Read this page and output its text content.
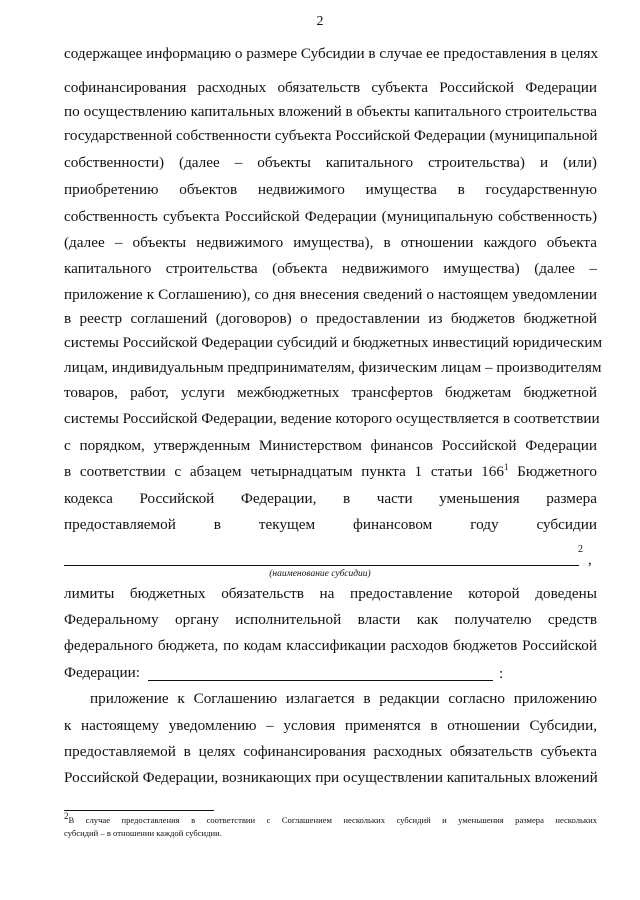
2
содержащее информацию о размере Субсидии в случае ее предоставления в целях
софинансирования расходных обязательств субъекта Российской Федерации
по осуществлению капитальных вложений в объекты капитального строительства
государственной собственности субъекта Российской Федерации (муниципальной
собственности) (далее – объекты капитального строительства) и (или)
приобретению объектов недвижимого имущества в государственную
собственность субъекта Российской Федерации (муниципальную собственность)
(далее – объекты недвижимого имущества), в отношении каждого объекта
капитального строительства (объекта недвижимого имущества) (далее –
приложение к Соглашению), со дня внесения сведений о настоящем уведомлении
в реестр соглашений (договоров) о предоставлении из бюджетов бюджетной
системы Российской Федерации субсидий и бюджетных инвестиций юридическим
лицам, индивидуальным предпринимателям, физическим лицам – производителям
товаров, работ, услуги межбюджетных трансфертов бюджетам бюджетной
системы Российской Федерации, ведение которого осуществляется в соответствии
с порядком, утвержденным Министерством финансов Российской Федерации
в соответствии с абзацем четырнадцатым пункта 1 статьи $166^1$ Бюджетного
кодекса Российской Федерации, в части уменьшения размера
предоставляемой в текущем финансовом году субсидии
2
,
(наименование субсидии)
лимиты бюджетных обязательств на предоставление которой доведены
Федеральному органу исполнительной власти как получателю средств
федерального бюджета, по кодам классификации расходов бюджетов Российской
Федерации:	:
приложение к Соглашению излагается в редакции согласно приложению
к настоящему уведомлению – условия применятся в отношении Субсидии,
предоставляемой в целях софинансирования расходных обязательств субъекта
Российской Федерации, возникающих при осуществлении капитальных вложений
2В случае предоставления в соответствии с Соглашением нескольких субсидий и уменьшения размера нескольких
субсидий – в отношении каждой субсидии.
